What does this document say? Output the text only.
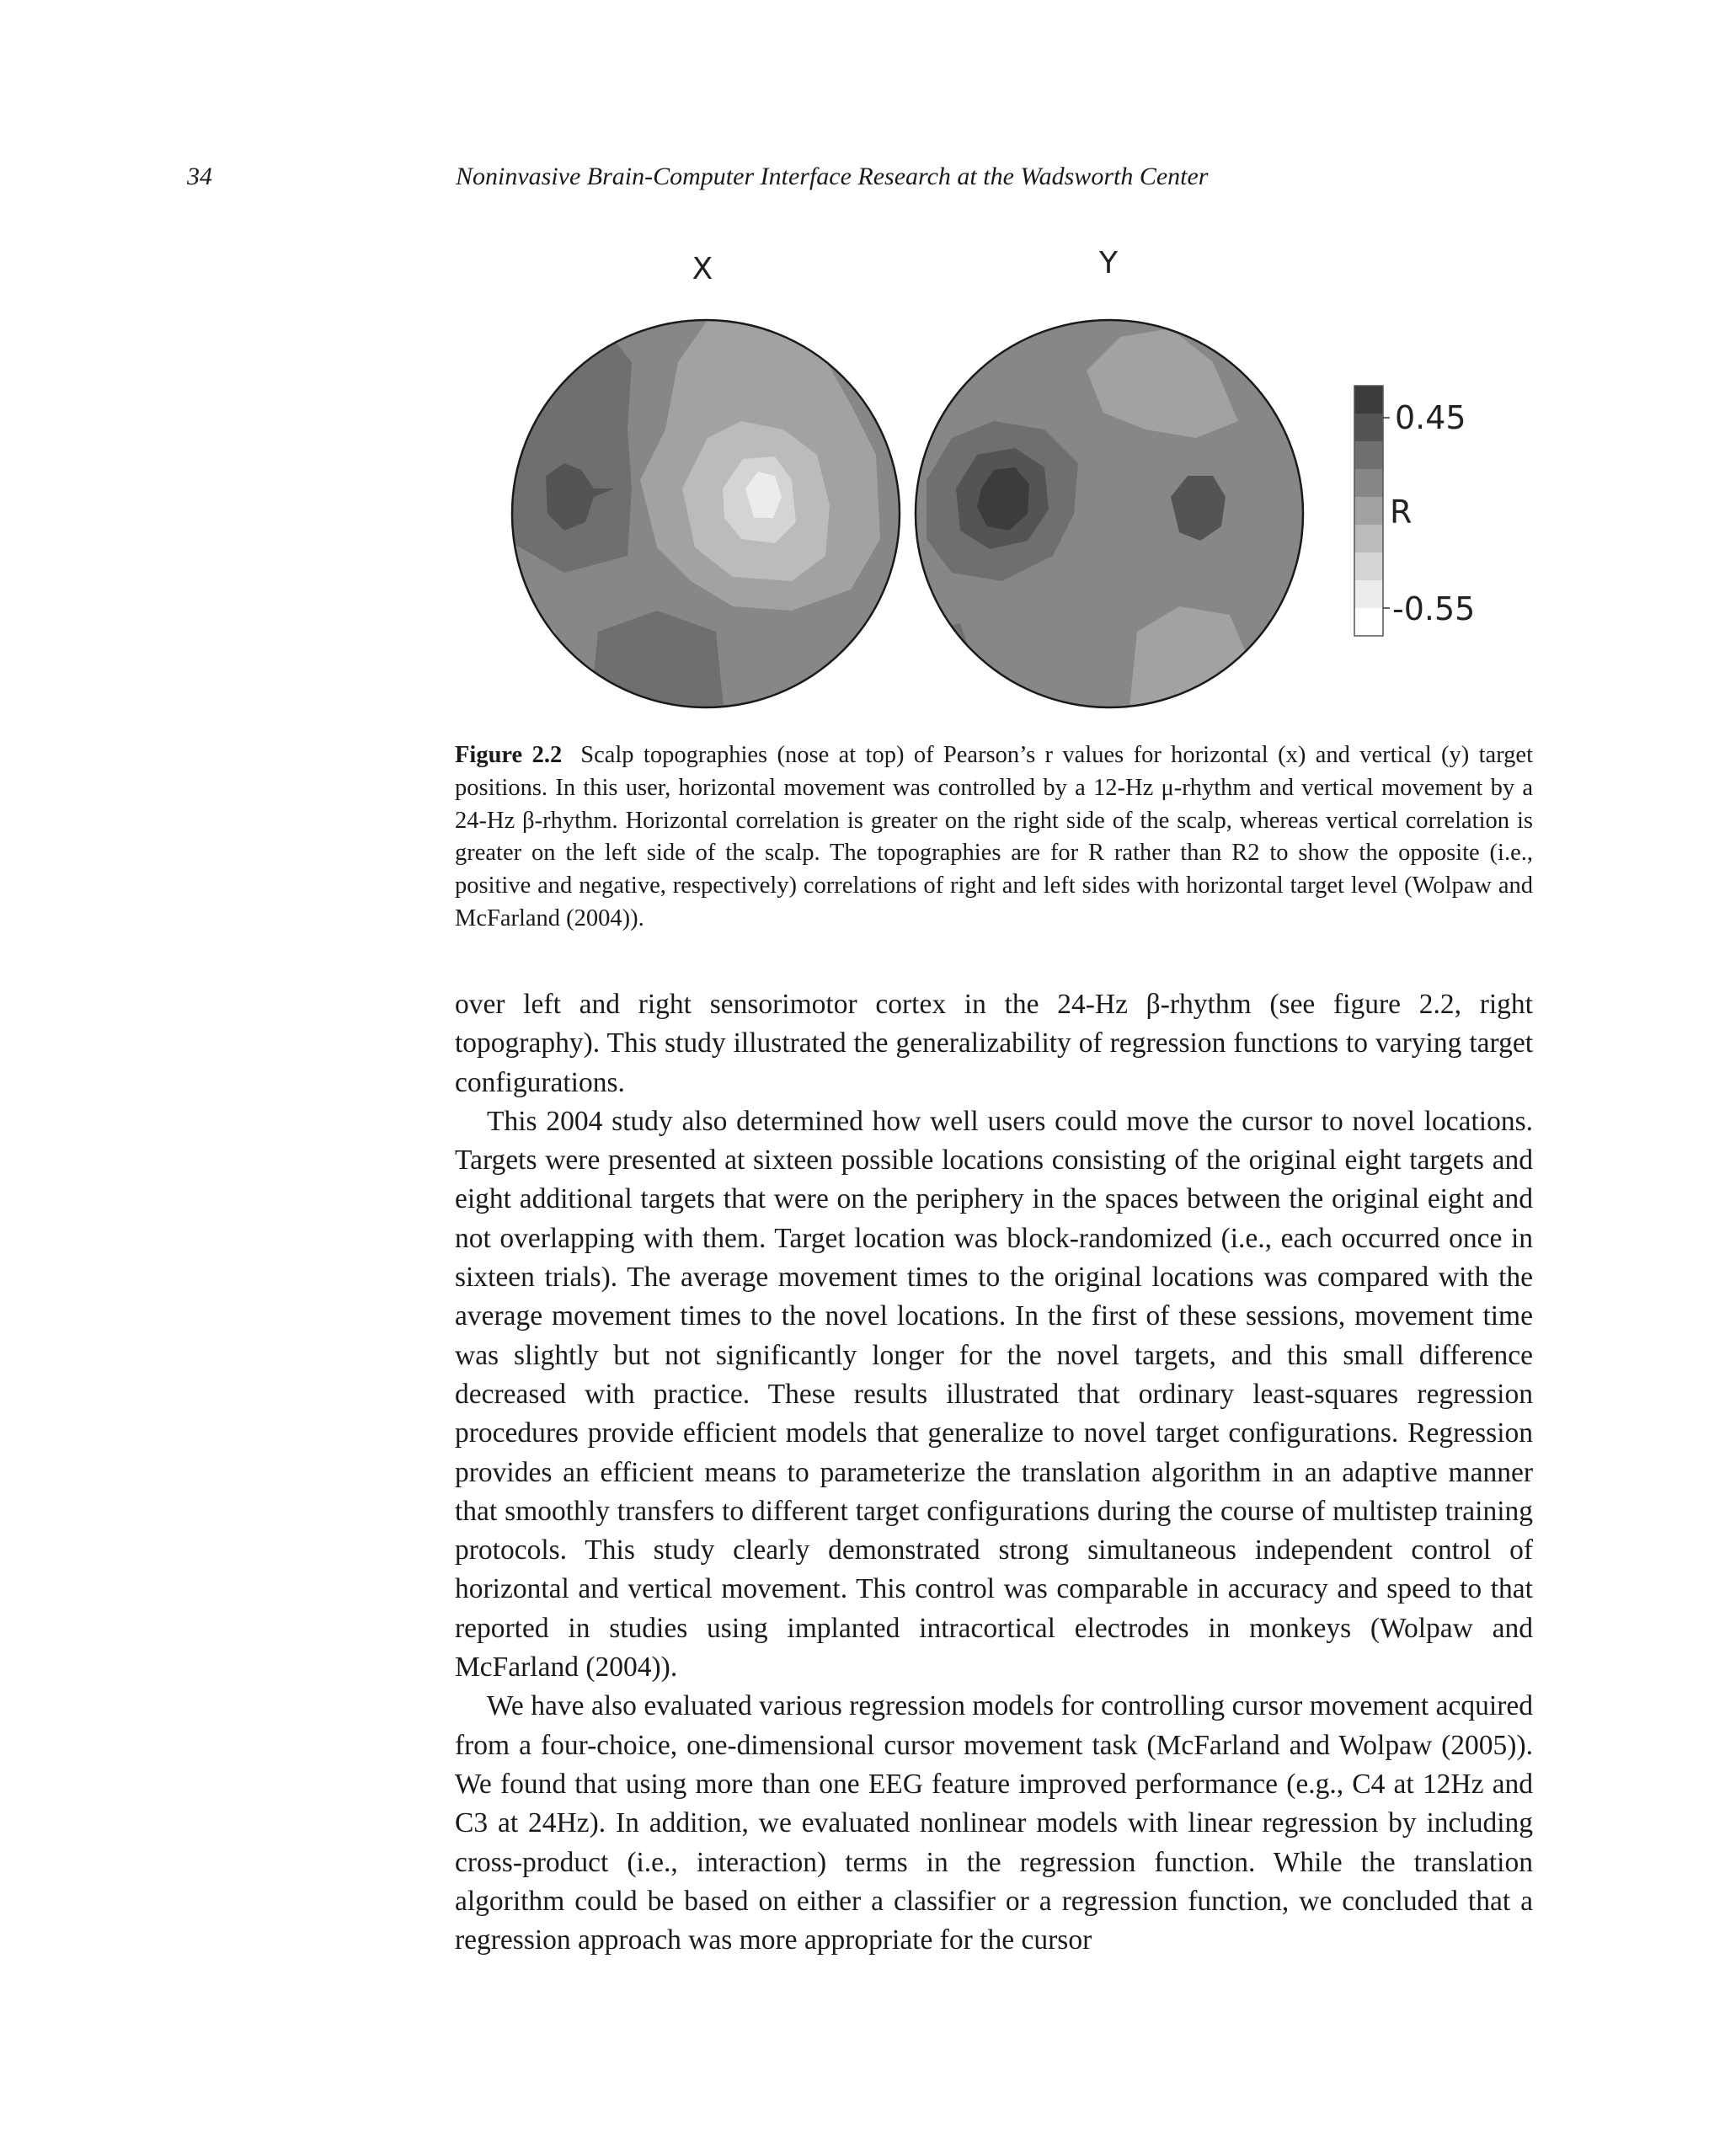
34	Noninvasive Brain-Computer Interface Research at the Wadsworth Center
X	Y
0.45
R
-0.55
Figure 2.2 Scalp topographies (nose at top) of Pearson’s r values for horizontal (x) and vertical (y) target positions. In this user, horizontal movement was controlled by a 12-Hz μ-rhythm and vertical movement by a 24-Hz β-rhythm. Horizontal correlation is greater on the right side of the scalp, whereas vertical correlation is greater on the left side of the scalp. The topographies are for R rather than R2 to show the opposite (i.e., positive and negative, respectively) correlations of right and left sides with horizontal target level (Wolpaw and McFarland (2004)).

over left and right sensorimotor cortex in the 24-Hz β-rhythm (see figure 2.2, right topography). This study illustrated the generalizability of regression functions to varying target configurations.

This 2004 study also determined how well users could move the cursor to novel locations. Targets were presented at sixteen possible locations consisting of the original eight targets and eight additional targets that were on the periphery in the spaces between the original eight and not overlapping with them. Target location was block-randomized (i.e., each occurred once in sixteen trials). The average movement times to the original locations was compared with the average movement times to the novel locations. In the first of these sessions, movement time was slightly but not significantly longer for the novel targets, and this small difference decreased with practice. These results illustrated that ordinary least-squares regression procedures provide efficient models that generalize to novel target configurations. Regression provides an efficient means to parameterize the translation algorithm in an adaptive manner that smoothly transfers to different target configurations during the course of multistep training protocols. This study clearly demonstrated strong simultaneous independent control of horizontal and vertical movement. This control was comparable in accuracy and speed to that reported in studies using implanted intracortical electrodes in monkeys (Wolpaw and McFarland (2004)).

We have also evaluated various regression models for controlling cursor movement acquired from a four-choice, one-dimensional cursor movement task (McFarland and Wolpaw (2005)). We found that using more than one EEG feature improved performance (e.g., C4 at 12Hz and C3 at 24Hz). In addition, we evaluated nonlinear models with linear regression by including cross-product (i.e., interaction) terms in the regression function. While the translation algorithm could be based on either a classifier or a regression function, we concluded that a regression approach was more appropriate for the cursor
